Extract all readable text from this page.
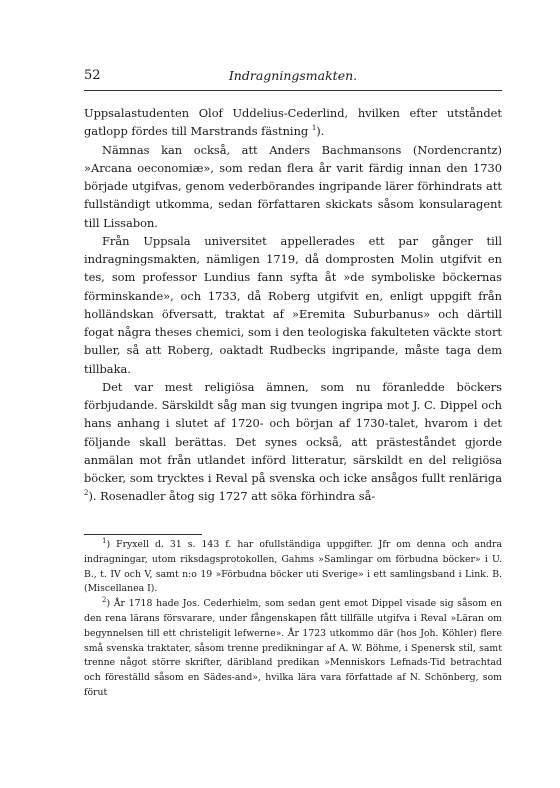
52	Indragningsmakten.

Uppsalastudenten Olof Uddelius-Cederlind, hvilken efter utståndet gatlopp fördes till Marstrands fästning $^1$).

Nämnas kan också, att Anders Bachmansons (Nordencrantz) »Arcana oeconomiæ», som redan flera år varit färdig innan den 1730 började utgifvas, genom vederbörandes ingripande lärer förhindrats att fullständigt utkomma, sedan författaren skickats såsom konsularagent till Lissabon.

Från Uppsala universitet appellerades ett par gånger till indragningsmakten, nämligen 1719, då domprosten Molin utgifvit en tes, som professor Lundius fann syfta åt »de symboliske böckernas förminskande», och 1733, då Roberg utgifvit en, enligt uppgift från holländskan öfversatt, traktat af »Eremita Suburbanus» och därtill fogat några theses chemici, som i den teologiska fakulteten väckte stort buller, så att Roberg, oaktadt Rudbecks ingripande, måste taga dem tillbaka.

Det var mest religiösa ämnen, som nu föranledde böckers förbjudande. Särskildt såg man sig tvungen ingripa mot J. C. Dippel och hans anhang i slutet af 1720- och början af 1730-talet, hvarom i det följande skall berättas. Det synes också, att prästeståndet gjorde anmälan mot från utlandet införd litteratur, särskildt en del religiösa böcker, som trycktes i Reval på svenska och icke ansågos fullt renläriga $^2$). Rosenadler åtog sig 1727 att söka förhindra så-

$^1$) Fryxell d. 31 s. 143 f. har ofullständiga uppgifter. Jfr om denna och andra indragningar, utom riksdagsprotokollen, Gahms »Samlingar om förbudna böcker» i U. B., t. IV och V, samt n:o 19 »Förbudna böcker uti Sverige» i ett samlingsband i Link. B. (Miscellanea I).

$^2$) År 1718 hade Jos. Cederhielm, som sedan gent emot Dippel visade sig såsom en den rena lärans försvarare, under fångenskapen fått tillfälle utgifva i Reval »Läran om begynnelsen till ett christeligit lefwerne». År 1723 utkommo där (hos Joh. Köhler) flere små svenska traktater, såsom trenne predikningar af A. W. Böhme, i Spenersk stil, samt trenne något större skrifter, däribland predikan »Menniskors Lefnads-Tid betrachtad och föreställd såsom en Sädes-and», hvilka lära vara författade af N. Schönberg, som förut
